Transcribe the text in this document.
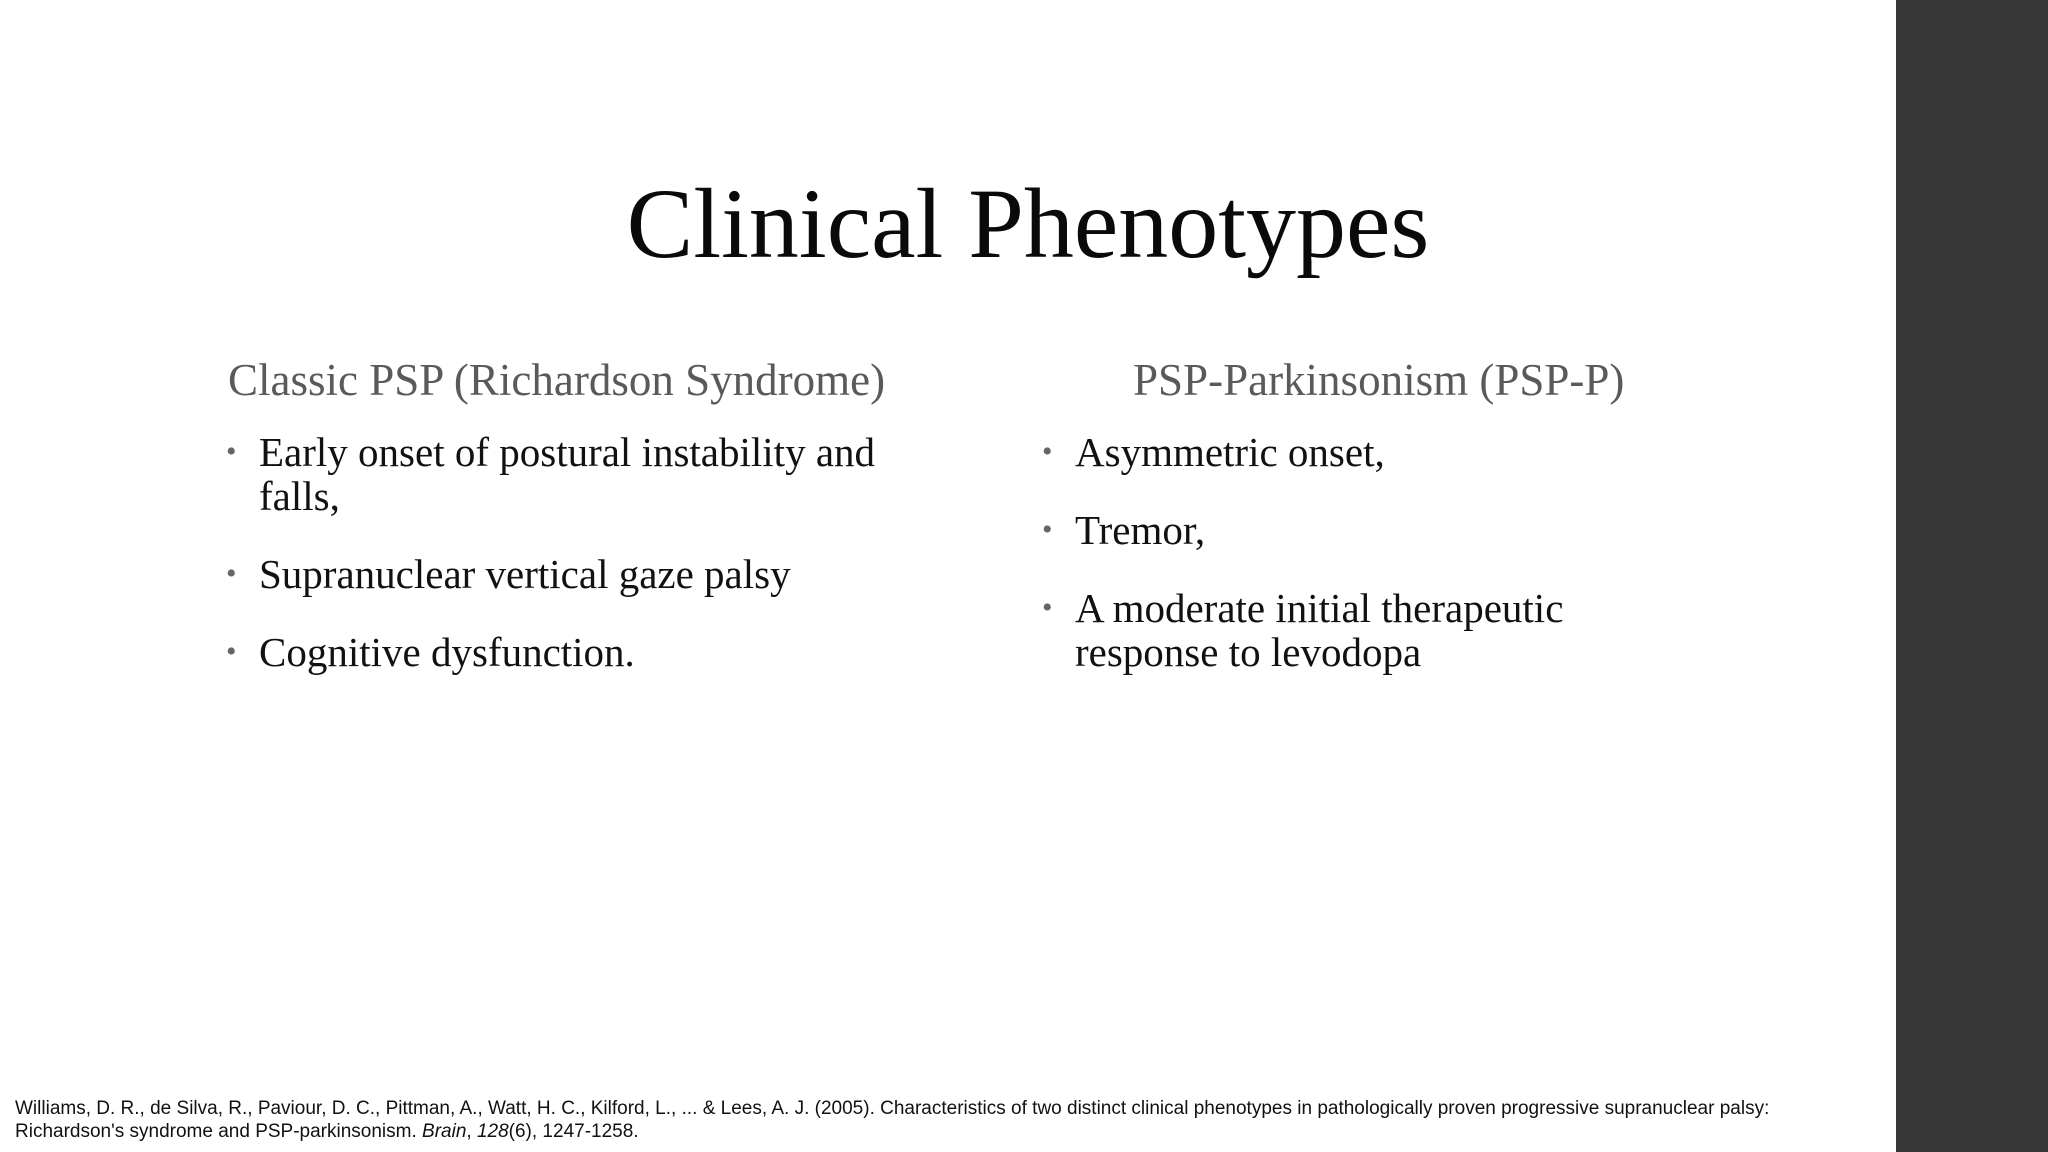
Clinical Phenotypes
Classic PSP (Richardson Syndrome)	PSP-Parkinsonism (PSP-P)
• Early onset of postural instability and falls,
• Supranuclear vertical gaze palsy
• Cognitive dysfunction.
• Asymmetric onset,
• Tremor,
• A moderate initial therapeutic response to levodopa
Williams, D. R., de Silva, R., Paviour, D. C., Pittman, A., Watt, H. C., Kilford, L., ... & Lees, A. J. (2005). Characteristics of two distinct clinical phenotypes in pathologically proven progressive supranuclear palsy: Richardson's syndrome and PSP-parkinsonism. Brain, 128(6), 1247-1258.
